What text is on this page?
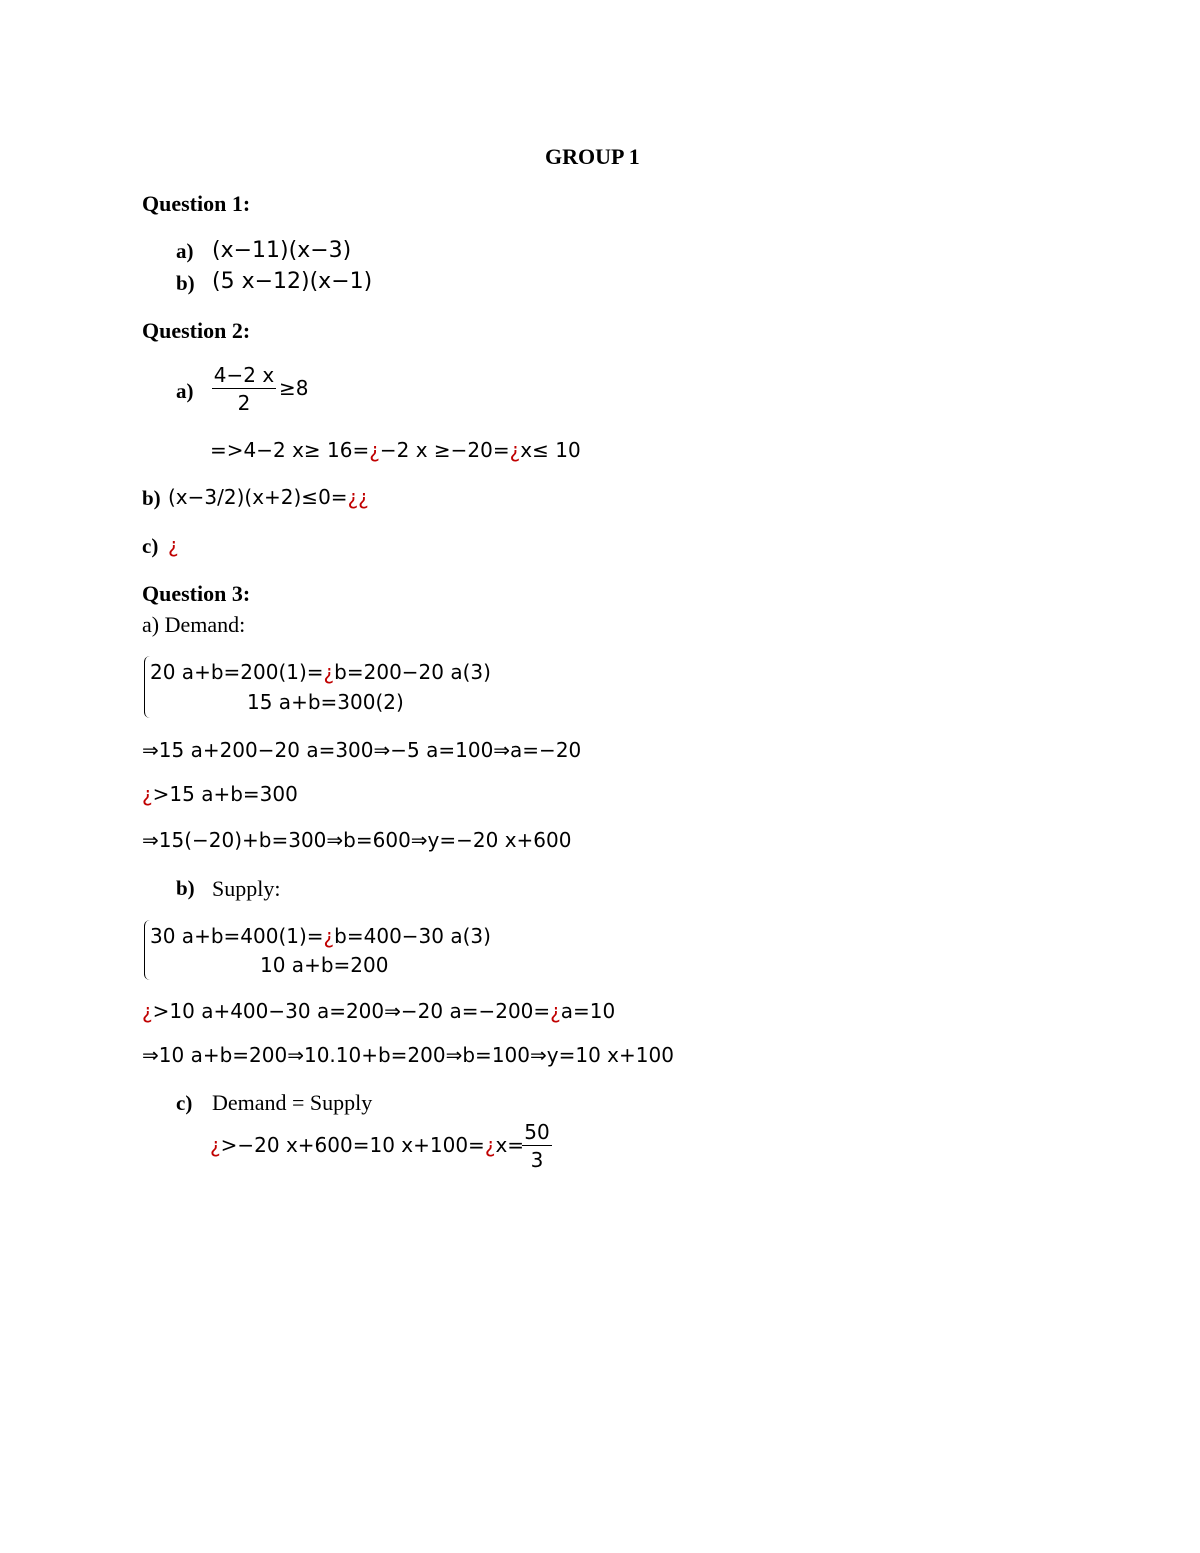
GROUP 1
Question 1:
a) (x−11)(x−3)
b) (5 x−12)(x−1)
Question 2:
a)
4−2 x
2
≥8
=>4−2 x≥ 16=¿−2 x ≥−20=¿x≤ 10
b) (x−3/2)(x+2)≤0=¿¿
c) ¿
Question 3:
a) Demand:
20 a+b=200(1)=¿b=200−20 a(3)
15 a+b=300(2)
⇒15 a+200−20 a=300⇒−5 a=100⇒a=−20
¿>15 a+b=300
⇒15(−20)+b=300⇒b=600⇒y=−20 x+600
b) Supply:
30 a+b=400(1)=¿b=400−30 a(3)
10 a+b=200
¿>10 a+400−30 a=200⇒−20 a=−200=¿a=10
⇒10 a+b=200⇒10.10+b=200⇒b=100⇒y=10 x+100
c) Demand = Supply
¿>−20 x+600=10 x+100=¿x=
50
3
